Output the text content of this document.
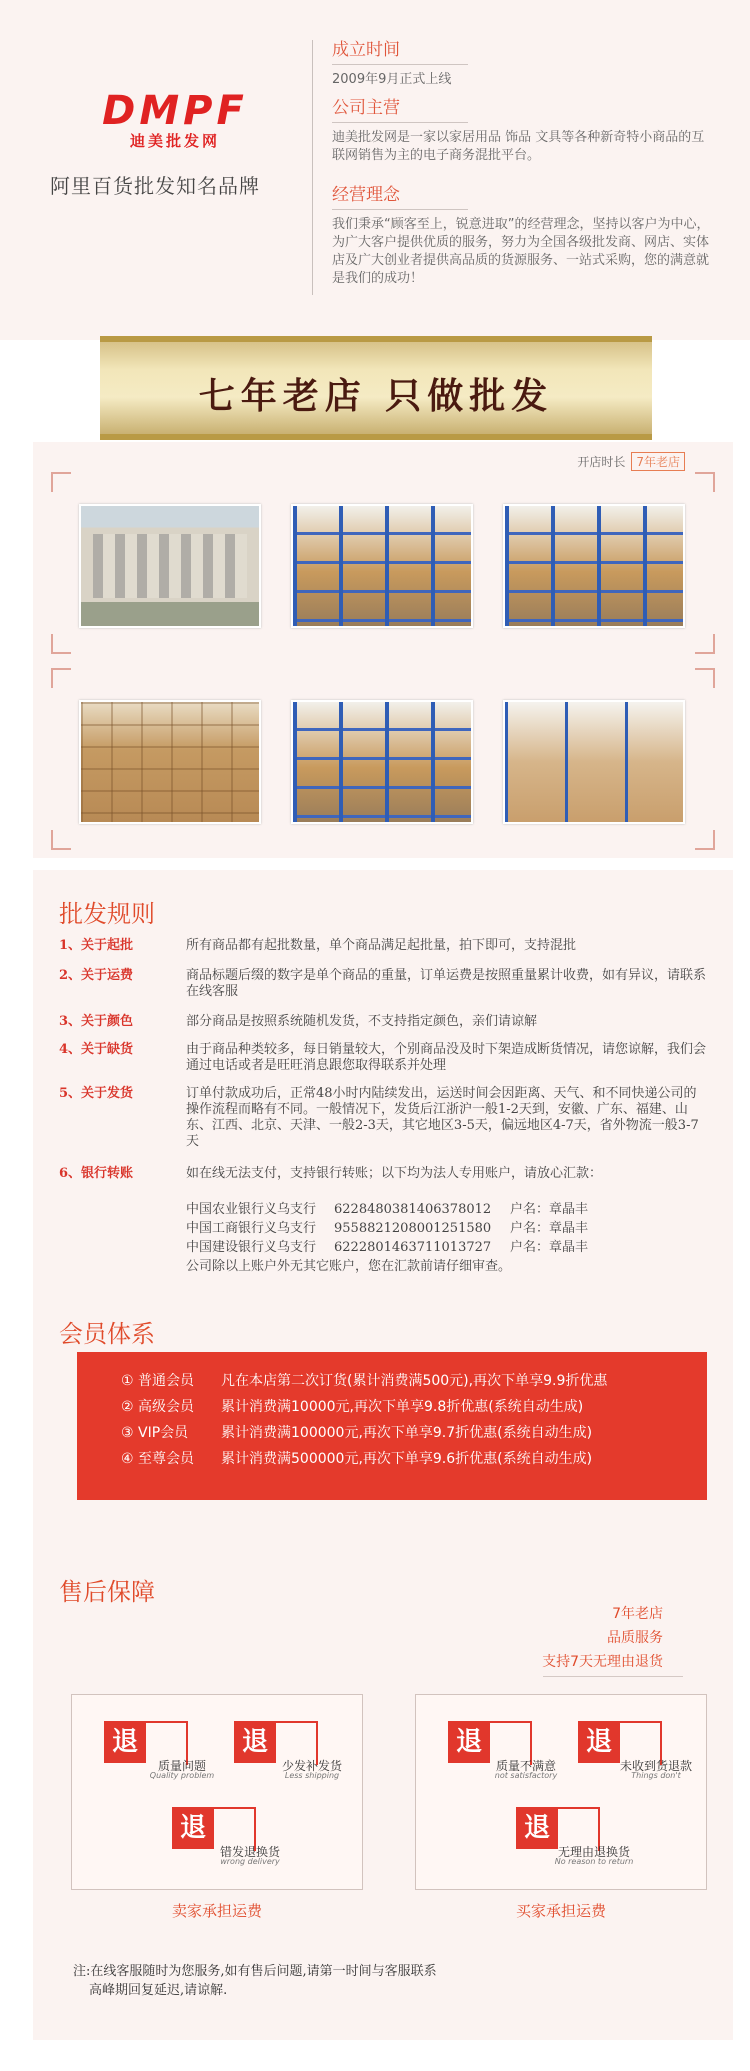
DMPF
迪美批发网
阿里百货批发知名品牌
成立时间

2009年9月正式上线

公司主营

迪美批发网是一家以家居用品 饰品 文具等各种新奇特小商品的互联网销售为主的电子商务混批平台。

经营理念

我们秉承“顾客至上，锐意进取”的经营理念，坚持以客户为中心，为广大客户提供优质的服务，努力为全国各级批发商、网店、实体店及广大创业者提供高品质的货源服务、一站式采购，您的满意就是我们的成功！

七年老店 只做批发
开店时长 7年老店
批发规则
1、关于起批	所有商品都有起批数量，单个商品满足起批量，拍下即可，支持混批
2、关于运费	商品标题后缀的数字是单个商品的重量，订单运费是按照重量累计收费，如有异议，请联系在线客服
3、关于颜色	部分商品是按照系统随机发货，不支持指定颜色，亲们请谅解
4、关于缺货	由于商品种类较多，每日销量较大，个别商品没及时下架造成断货情况，请您谅解，我们会通过电话或者是旺旺消息跟您取得联系并处理
5、关于发货	订单付款成功后，正常48小时内陆续发出，运送时间会因距离、天气、和不同快递公司的操作流程而略有不同。一般情况下，发货后江浙沪一般1-2天到，安徽、广东、福建、山东、江西、北京、天津、一般2-3天，其它地区3-5天，偏远地区4-7天，省外物流一般3-7天
6、银行转账	如在线无法支付，支持银行转账；以下均为法人专用账户，请放心汇款：
中国农业银行义乌支行 6228480381406378012 户名：章晶丰
中国工商银行义乌支行 9558821208001251580 户名：章晶丰
中国建设银行义乌支行 6222801463711013727 户名：章晶丰
公司除以上账户外无其它账户，您在汇款前请仔细审查。
会员体系
① 普通会员 凡在本店第二次订货(累计消费满500元),再次下单享9.9折优惠
② 高级会员 累计消费满10000元,再次下单享9.8折优惠(系统自动生成)
③ VIP会员 累计消费满100000元,再次下单享9.7折优惠(系统自动生成)
④ 至尊会员 累计消费满500000元,再次下单享9.6折优惠(系统自动生成)
售后保障
7年老店
品质服务
支持7天无理由退货
退
质量问题
Quality problem
退
少发补发货
Less shipping
退
错发退换货
wrong delivery
卖家承担运费
退
质量不满意
not satisfactory
退
未收到货退款
Things don't
退
无理由退换货
No reason to return
买家承担运费
注:在线客服随时为您服务,如有售后问题,请第一时间与客服联系
高峰期回复延迟,请谅解.
